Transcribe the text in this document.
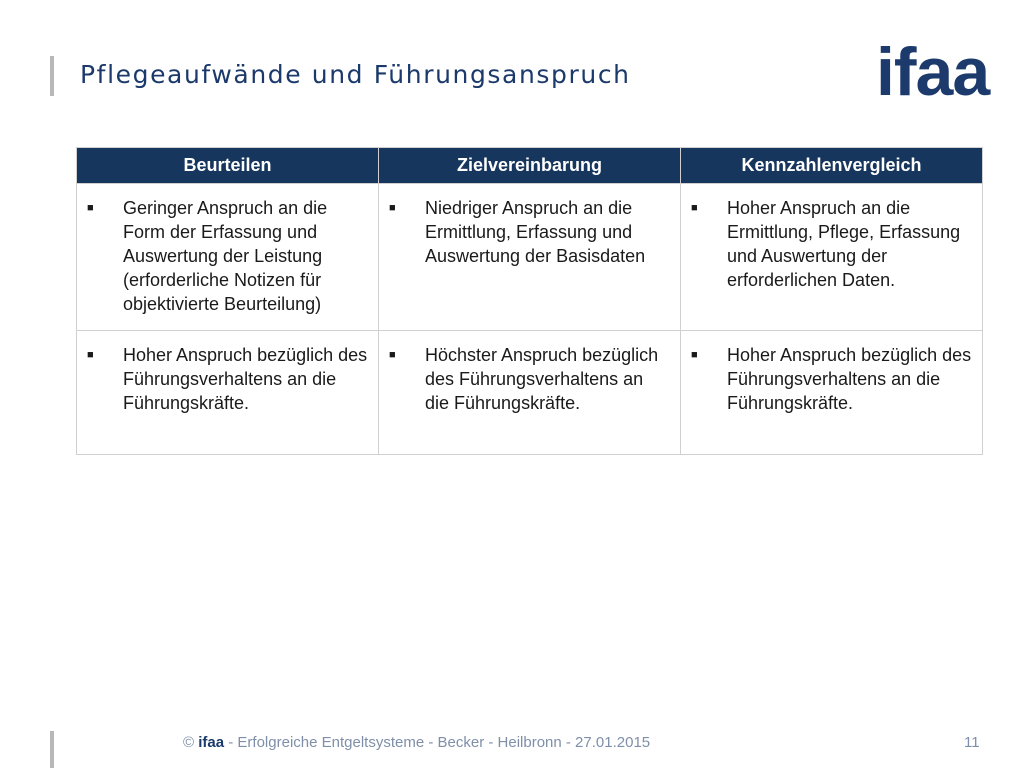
Pflegeaufwände und Führungsanspruch	ifaa
Beurteilen	Zielvereinbarung	Kennzahlenvergleich

■ Geringer Anspruch an die Form der Erfassung und Auswertung der Leistung (erforderliche Notizen für objektivierte Beurteilung)	■ Niedriger Anspruch an die Ermittlung, Erfassung und Auswertung der Basisdaten	■ Hoher Anspruch an die Ermittlung, Pflege, Erfassung und Auswertung der erforderlichen Daten.

■ Hoher Anspruch bezüglich des Führungsverhaltens an die Führungskräfte.	■ Höchster Anspruch bezüglich des Führungsverhaltens an die Führungskräfte.	■ Hoher Anspruch bezüglich des Führungsverhaltens an die Führungskräfte.
© ifaa - Erfolgreiche Entgeltsysteme - Becker - Heilbronn - 27.01.2015	11
